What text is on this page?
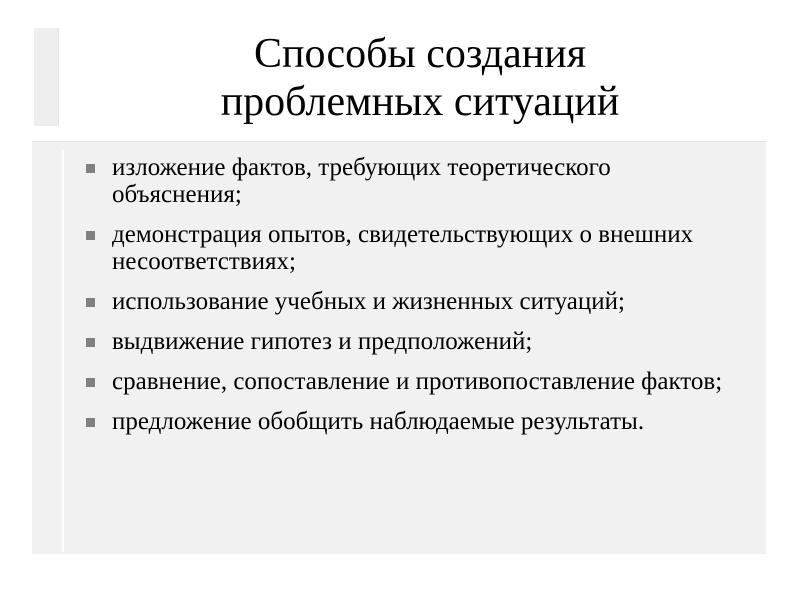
Способы создания
проблемных ситуаций
изложение фактов, требующих теоретического объяснения;
демонстрация опытов, свидетельствующих о внешних несоответствиях;
использование учебных и жизненных ситуаций;
выдвижение гипотез и предположений;
сравнение, сопоставление и противопоставление фактов;
предложение обобщить наблюдаемые результаты.
